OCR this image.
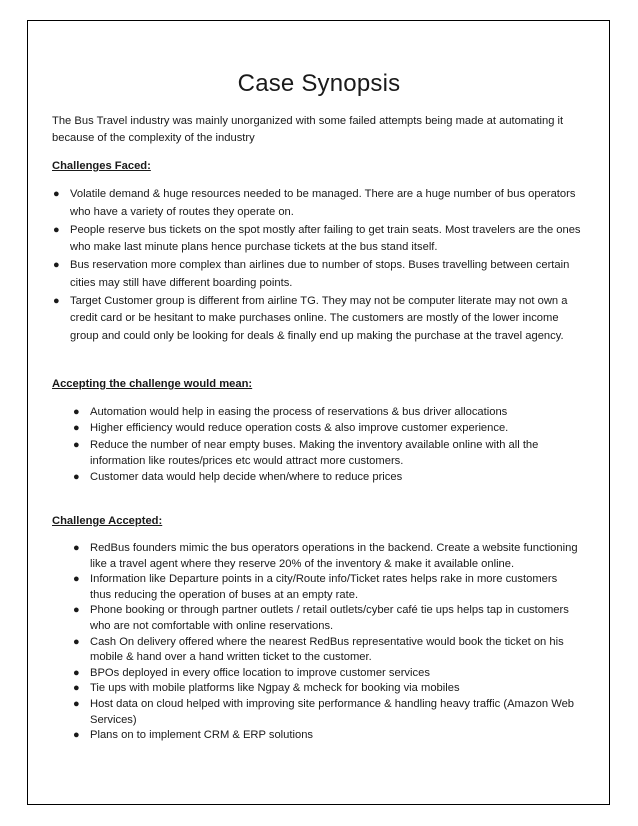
Case Synopsis

The Bus Travel industry was mainly unorganized with some failed attempts being made at automating it because of the complexity of the industry

Challenges Faced:

● Volatile demand & huge resources needed to be managed. There are a huge number of bus operators who have a variety of routes they operate on.
● People reserve bus tickets on the spot mostly after failing to get train seats. Most travelers are the ones who make last minute plans hence purchase tickets at the bus stand itself.
● Bus reservation more complex than airlines due to number of stops. Buses travelling between certain cities may still have different boarding points.
● Target Customer group is different from airline TG. They may not be computer literate may not own a credit card or be hesitant to make purchases online. The customers are mostly of the lower income group and could only be looking for deals & finally end up making the purchase at the travel agency.

Accepting the challenge would mean:

● Automation would help in easing the process of reservations & bus driver allocations
● Higher efficiency would reduce operation costs & also improve customer experience.
● Reduce the number of near empty buses. Making the inventory available online with all the information like routes/prices etc would attract more customers.
● Customer data would help decide when/where to reduce prices

Challenge Accepted:

● RedBus founders mimic the bus operators operations in the backend. Create a website functioning like a travel agent where they reserve 20% of the inventory & make it available online.
● Information like Departure points in a city/Route info/Ticket rates helps rake in more customers thus reducing the operation of buses at an empty rate.
● Phone booking or through partner outlets / retail outlets/cyber café tie ups helps tap in customers who are not comfortable with online reservations.
● Cash On delivery offered where the nearest RedBus representative would book the ticket on his mobile & hand over a hand written ticket to the customer.
● BPOs deployed in every office location to improve customer services
● Tie ups with mobile platforms like Ngpay & mcheck for booking via mobiles
● Host data on cloud helped with improving site performance & handling heavy traffic (Amazon Web Services)
● Plans on to implement CRM & ERP solutions
